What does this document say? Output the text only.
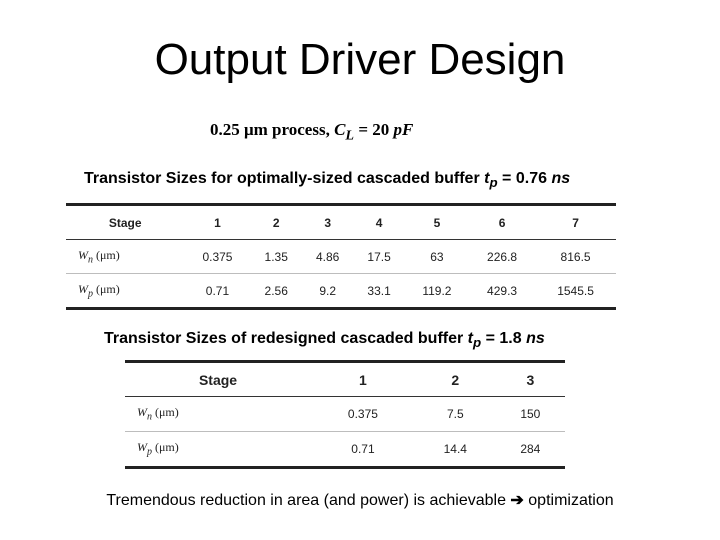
Output Driver Design
0.25 μm process, $C_L = 20$ pF
Transistor Sizes for optimally-sized cascaded buffer $t_p = 0.76$ ns
Stage	1	2	3	4	5	6	7
$W_n$ (μm)	0.375	1.35	4.86	17.5	63	226.8	816.5
$W_p$ (μm)	0.71	2.56	9.2	33.1	119.2	429.3	1545.5
Transistor Sizes of redesigned cascaded buffer $t_p = 1.8$ ns
Stage	1	2	3
$W_n$ (μm)	0.375	7.5	150
$W_p$ (μm)	0.71	14.4	284
Tremendous reduction in area (and power) is achievable ➔ optimization
